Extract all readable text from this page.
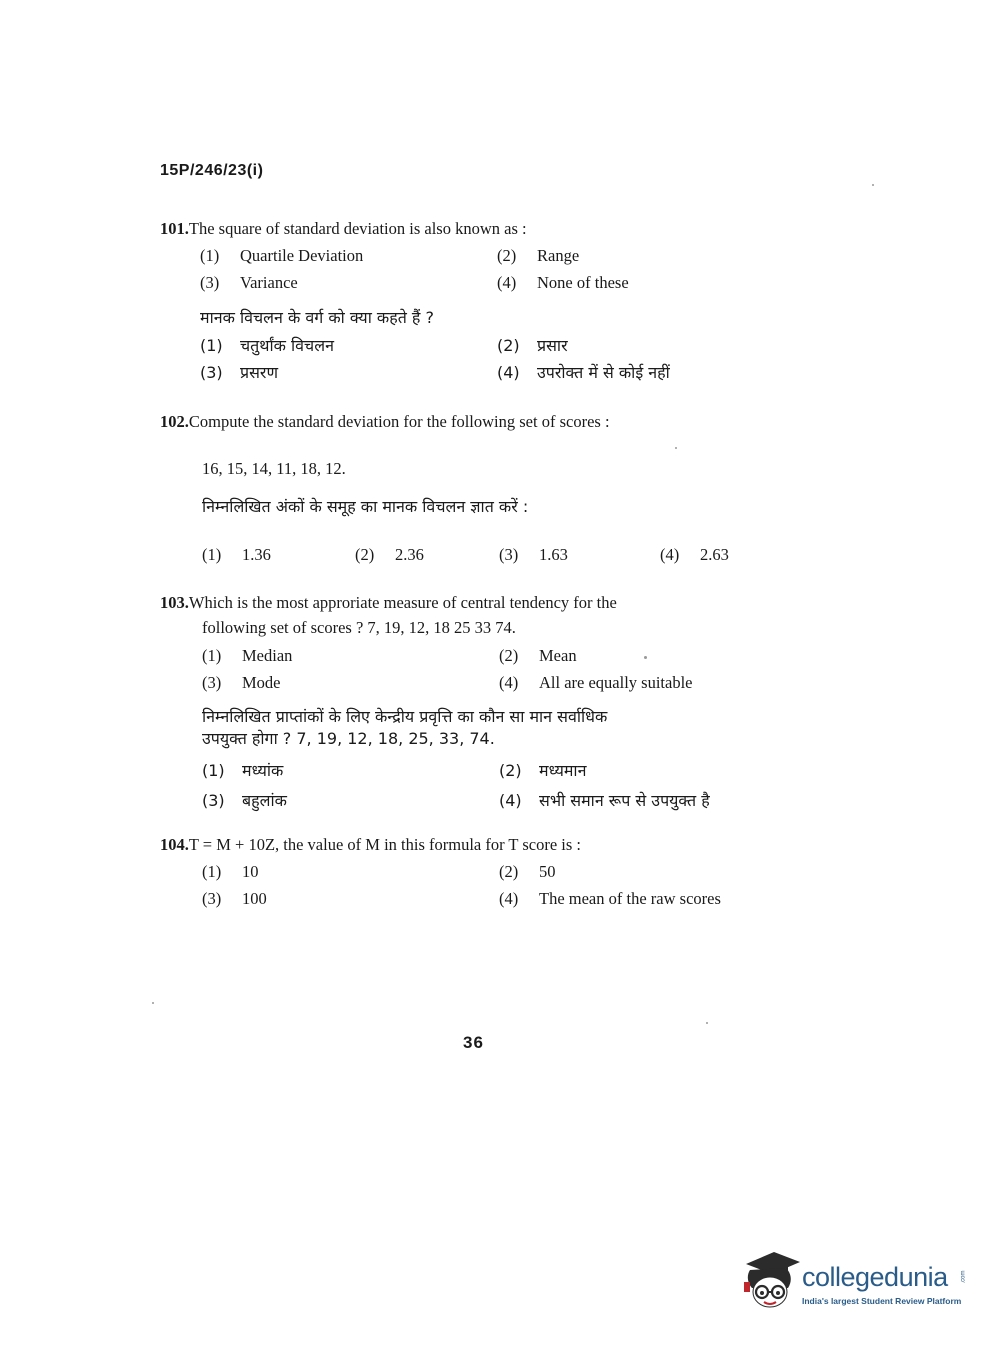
15P/246/23(i)
101.The square of standard deviation is also known as :
(1) Quartile Deviation	(2) Range
(3) Variance	(4) None of these
मानक विचलन के वर्ग को क्या कहते हैं ?
(1) चतुर्थांक विचलन	(2) प्रसार
(3) प्रसरण	(4) उपरोक्त में से कोई नहीं
102.Compute the standard deviation for the following set of scores :
16, 15, 14, 11, 18, 12.
निम्नलिखित अंकों के समूह का मानक विचलन ज्ञात करें :
(1) 1.36	(2) 2.36	(3) 1.63	(4) 2.63
103.Which is the most approriate measure of central tendency for the
following set of scores ? 7, 19, 12, 18 25 33 74.
(1) Median	(2) Mean
(3) Mode	(4) All are equally suitable
निम्नलिखित प्राप्तांकों के लिए केन्द्रीय प्रवृत्ति का कौन सा मान सर्वाधिक
उपयुक्त होगा ? 7, 19, 12, 18, 25, 33, 74.
(1) मध्यांक	(2) मध्यमान
(3) बहुलांक	(4) सभी समान रूप से उपयुक्त है
104.T = M + 10Z, the value of M in this formula for T score is :
(1) 10	(2) 50
(3) 100	(4) The mean of the raw scores
36
collegedunia .com
India's largest Student Review Platform
